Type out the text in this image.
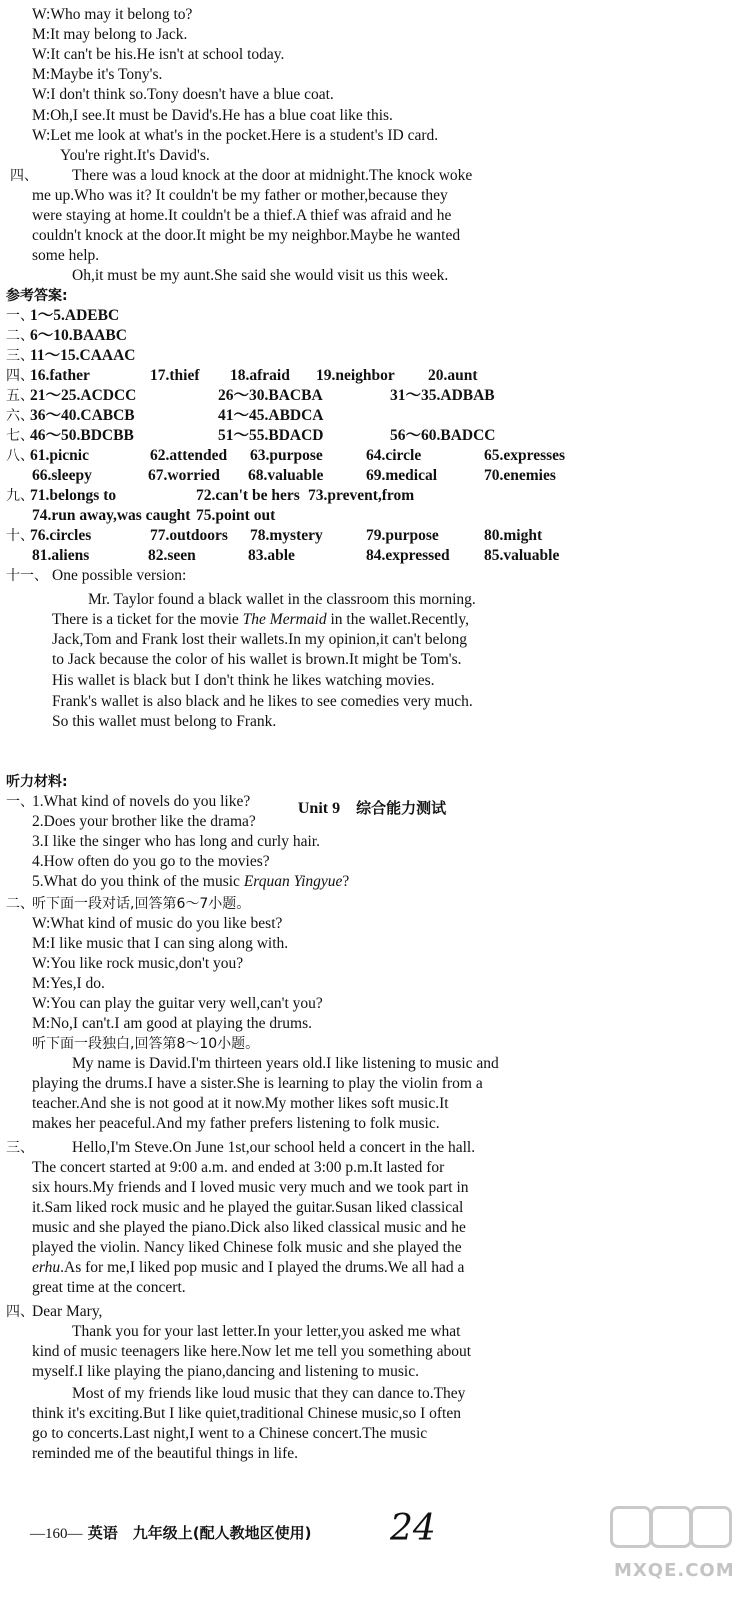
W:Who may it belong to?
M:It may belong to Jack.
W:It can't be his.He isn't at school today.
M:Maybe it's Tony's.
W:I don't think so.Tony doesn't have a blue coat.
M:Oh,I see.It must be David's.He has a blue coat like this.
W:Let me look at what's in the pocket.Here is a student's ID card.
You're right.It's David's.
四、 There was a loud knock at the door at midnight.The knock woke
me up.Who was it? It couldn't be my father or mother,because they
were staying at home.It couldn't be a thief.A thief was afraid and he
couldn't knock at the door.It might be my neighbor.Maybe he wanted
some help.
Oh,it must be my aunt.She said she would visit us this week.
参考答案:
一、
1～5.ADEBC
二、
6～10.BAABC
三、
11～15.CAAAC
四、
16.father	17.thief 18.afraid 19.neighbor 20.aunt
五、
21～25.ACDCC	26～30.BACBA	31～35.ADBAB
六、
36～40.CABCB	41～45.ABDCA
七、
46～50.BDCBB	51～55.BDACD	56～60.BADCC
八、
61.picnic	62.attended 63.purpose	64.circle	65.expresses
66.sleepy	67.worried 68.valuable	69.medical	70.enemies
九、
71.belongs to	72.can't be hers 73.prevent,from
74.run away,was caught 75.point out
十、
76.circles	77.outdoors 78.mystery	79.purpose	80.might
81.aliens	82.seen	83.able	84.expressed 85.valuable
十一、 One possible version:
Mr. Taylor found a black wallet in the classroom this morning.
There is a ticket for the movie The Mermaid in the wallet.Recently,
Jack,Tom and Frank lost their wallets.In my opinion,it can't belong
to Jack because the color of his wallet is brown.It might be Tom's.
His wallet is black but I don't think he likes watching movies.
Frank's wallet is also black and he likes to see comedies very much.
So this wallet must belong to Frank.
听力材料:
一、
1.What kind of novels do you like?
2.Does your brother like the drama?
3.I like the singer who has long and curly hair.
4.How often do you go to the movies?
5.What do you think of the music Erquan Yingyue?
二、
听下面一段对话,回答第6～7小题。
W:What kind of music do you like best?
M:I like music that I can sing along with.
W:You like rock music,don't you?
M:Yes,I do.
W:You can play the guitar very well,can't you?
M:No,I can't.I am good at playing the drums.
听下面一段独白,回答第8～10小题。
My name is David.I'm thirteen years old.I like listening to music and
playing the drums.I have a sister.She is learning to play the violin from a
teacher.And she is not good at it now.My mother likes soft music.It
makes her peaceful.And my father prefers listening to folk music.
三、 Hello,I'm Steve.On June 1st,our school held a concert in the hall.
The concert started at 9:00 a.m. and ended at 3:00 p.m.It lasted for
six hours.My friends and I loved music very much and we took part in
it.Sam liked rock music and he played the guitar.Susan liked classical
music and she played the piano.Dick also liked classical music and he
played the violin. Nancy liked Chinese folk music and she played the
erhu.As for me,I liked pop music and I played the drums.We all had a
great time at the concert.
四、
Dear Mary,
Thank you for your last letter.In your letter,you asked me what
kind of music teenagers like here.Now let me tell you something about
myself.I like playing the piano,dancing and listening to music.
Most of my friends like loud music that they can dance to.They
think it's exciting.But I like quiet,traditional Chinese music,so I often
go to concerts.Last night,I went to a Chinese concert.The music
reminded me of the beautiful things in life.
Unit 9　 综合能力测试
—160— 英语　九年级上(配人教地区使用) 24
MXQE.COM
